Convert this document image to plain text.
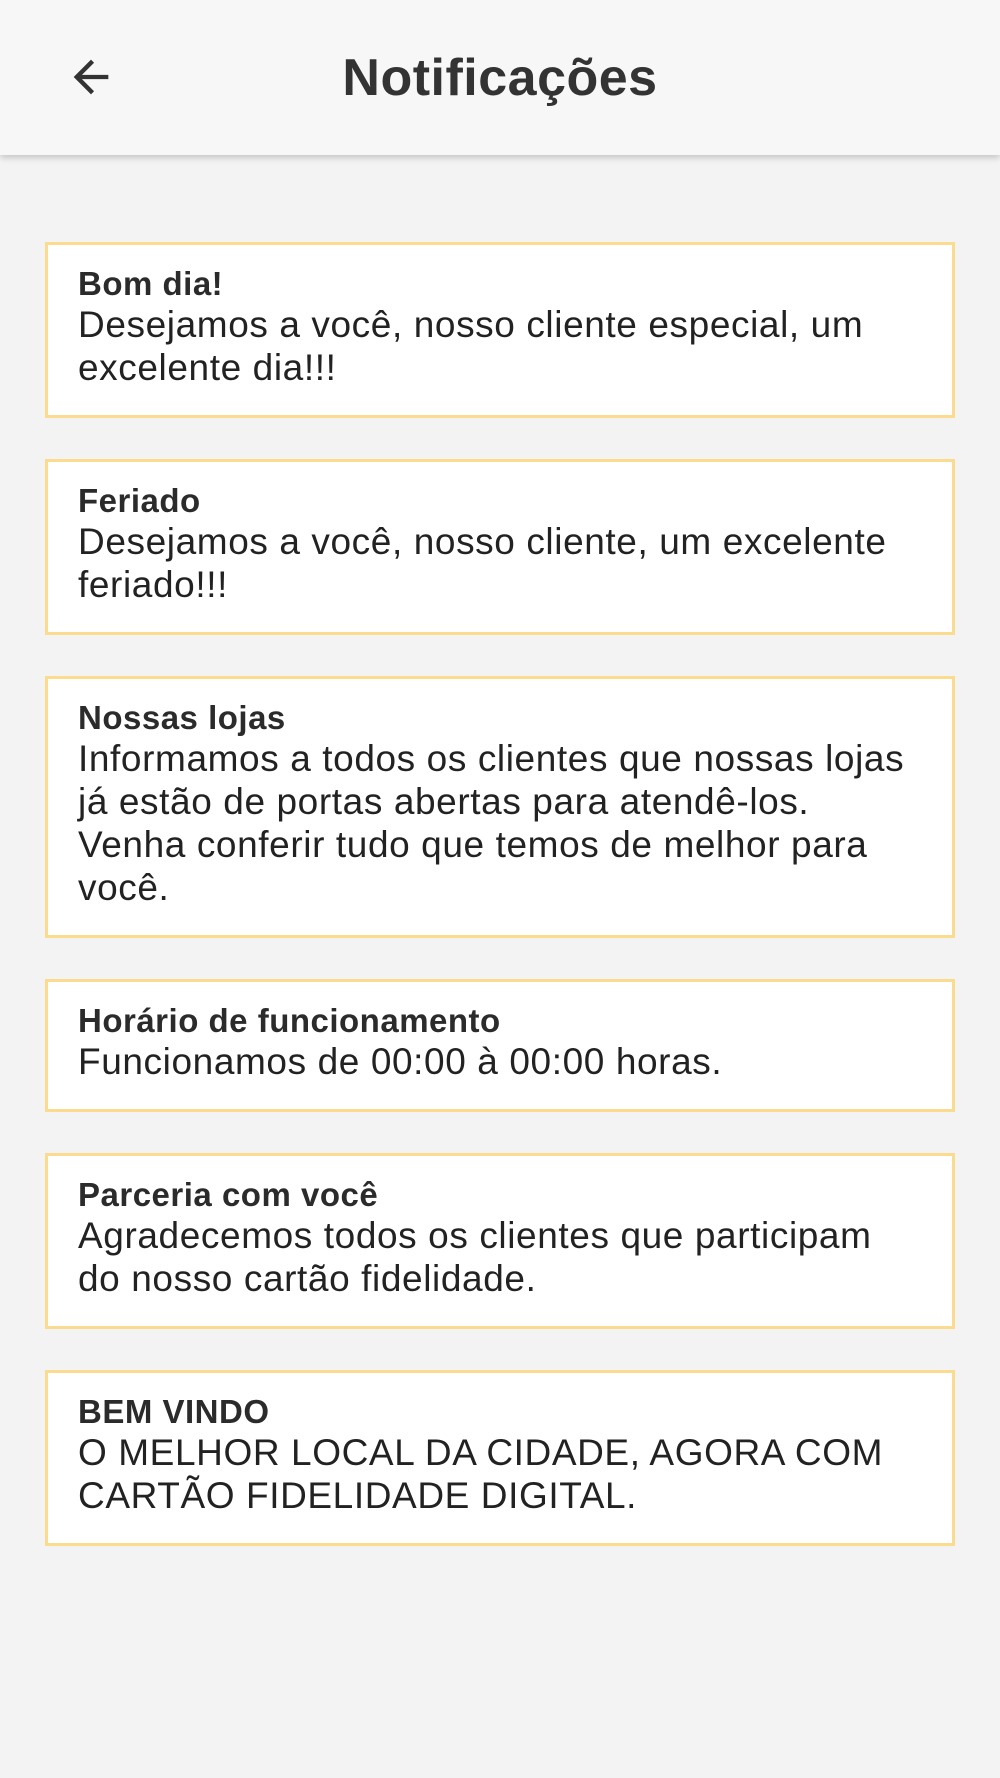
Notificações
Bom dia!
Desejamos a você, nosso cliente especial, um excelente dia!!!
Feriado
Desejamos a você, nosso cliente, um excelente feriado!!!
Nossas lojas
Informamos a todos os clientes que nossas lojas já estão de portas abertas para atendê-los. Venha conferir tudo que temos de melhor para você.
Horário de funcionamento
Funcionamos de 00:00 à 00:00 horas.
Parceria com você
Agradecemos todos os clientes que participam do nosso cartão fidelidade.
BEM VINDO
O MELHOR LOCAL DA CIDADE, AGORA COM CARTÃO FIDELIDADE DIGITAL.
